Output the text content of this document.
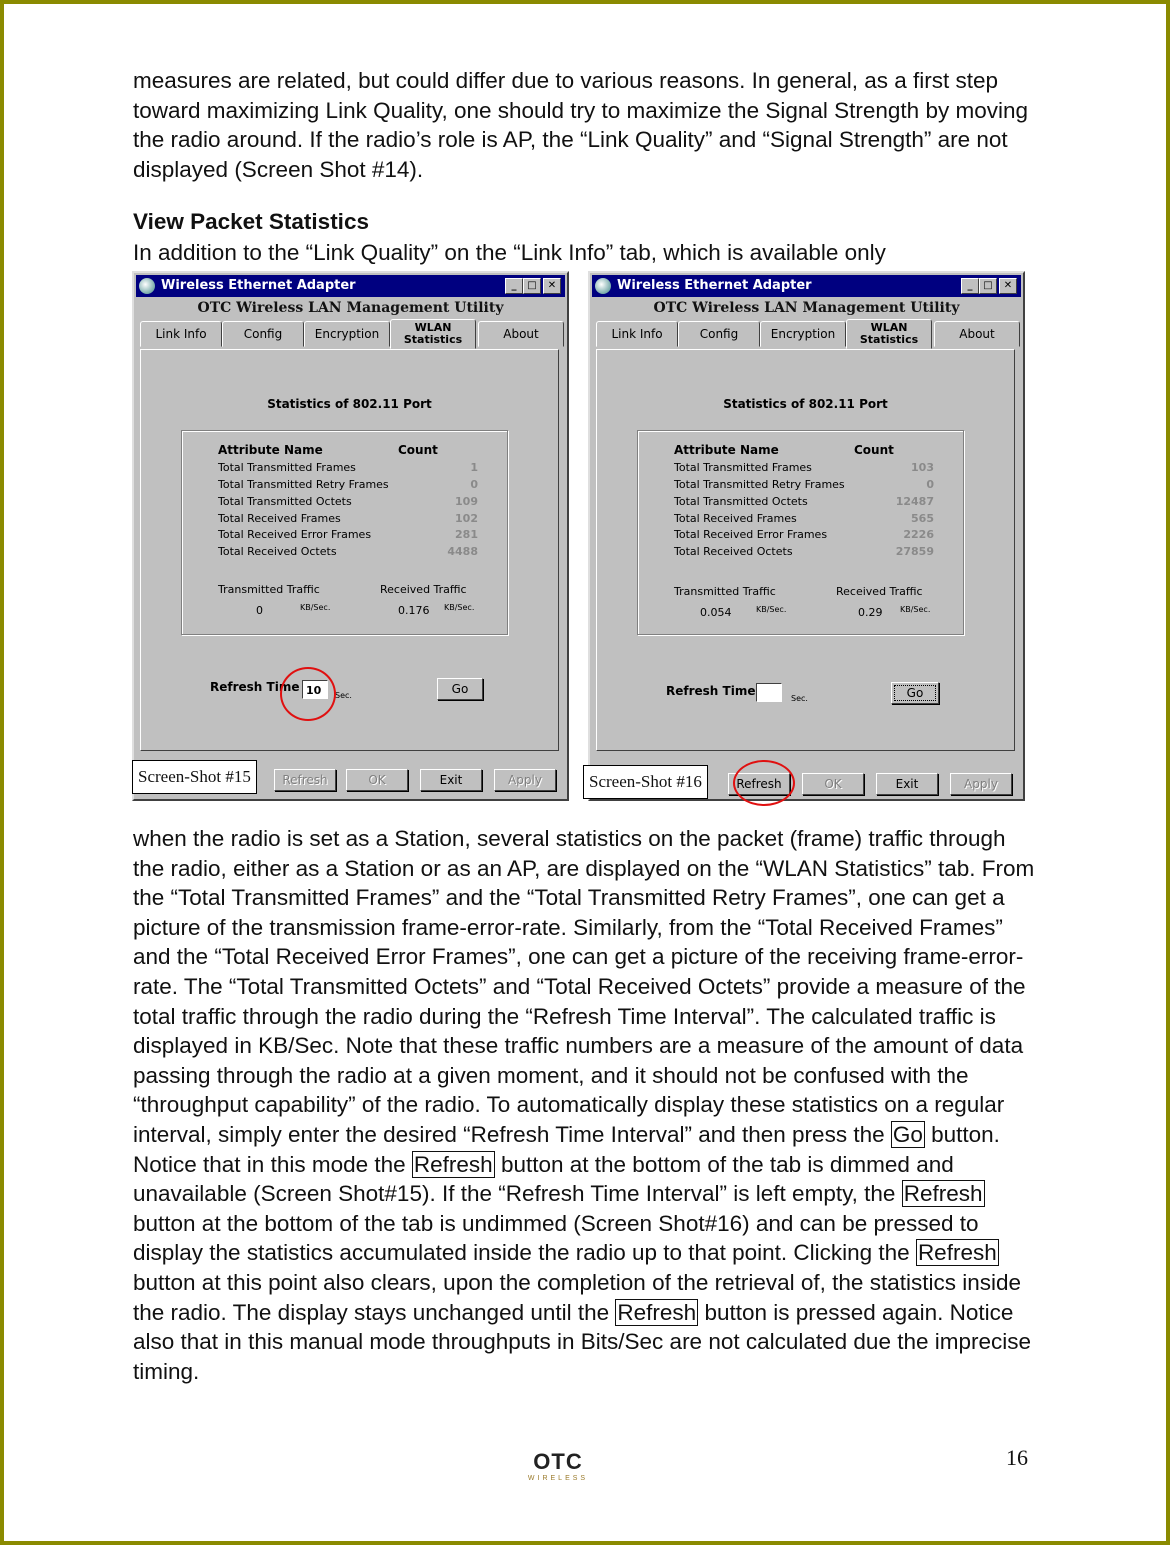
measures are related, but could differ due to various reasons. In general, as a first step toward maximizing Link Quality, one should try to maximize the Signal Strength by moving the radio around. If the radio’s role is AP, the “Link Quality” and “Signal Strength” are not displayed (Screen Shot #14).
View Packet Statistics
In addition to the “Link Quality” on the “Link Info” tab, which is available only
Wireless Ethernet Adapter	_	□	✕
OTC Wireless LAN Management Utility
Link Info	Config	Encryption	WLAN Statistics	About
Statistics of 802.11 Port
Attribute Name	Count
Total Transmitted Frames	1
Total Transmitted Retry Frames	0
Total Transmitted Octets	109
Total Received Frames	102
Total Received Error Frames	281
Total Received Octets	4488
Transmitted Traffic	Received Traffic
0	KB/Sec.	0.176 KB/Sec.
Refresh Time 10	Sec.	Go
Refresh	OK	Exit	Apply
Screen-Shot #15
Wireless Ethernet Adapter	_	□	✕
OTC Wireless LAN Management Utility
Link Info	Config	Encryption	WLAN Statistics	About
Statistics of 802.11 Port
Attribute Name	Count
Total Transmitted Frames	103
Total Transmitted Retry Frames	0
Total Transmitted Octets	12487
Total Received Frames	565
Total Received Error Frames	2226
Total Received Octets	27859
Transmitted Traffic	Received Traffic
0.054	KB/Sec.	0.29 KB/Sec.
Refresh Time
Sec.	Go
Refresh	OK	Exit	Apply
Screen-Shot #16
when the radio is set as a Station, several statistics on the packet (frame) traffic through the radio, either as a Station or as an AP, are displayed on the “WLAN Statistics” tab. From the “Total Transmitted Frames” and the “Total Transmitted Retry Frames”, one can get a picture of the transmission frame-error-rate. Similarly, from the “Total Received Frames” and the “Total Received Error Frames”, one can get a picture of the receiving frame-error-rate. The “Total Transmitted Octets” and “Total Received Octets” provide a measure of the total traffic through the radio during the “Refresh Time Interval”. The calculated traffic is displayed in KB/Sec. Note that these traffic numbers are a measure of the amount of data passing through the radio at a given moment, and it should not be confused with the “throughput capability” of the radio. To automatically display these statistics on a regular interval, simply enter the desired “Refresh Time Interval” and then press the Go button. Notice that in this mode the Refresh button at the bottom of the tab is dimmed and unavailable (Screen Shot#15). If the “Refresh Time Interval” is left empty, the Refresh button at the bottom of the tab is undimmed (Screen Shot#16) and can be pressed to display the statistics accumulated inside the radio up to that point. Clicking the Refresh button at this point also clears, upon the completion of the retrieval of, the statistics inside the radio. The display stays unchanged until the Refresh button is pressed again. Notice also that in this manual mode throughputs in Bits/Sec are not calculated due the imprecise timing.
16
OTC
WIRELESS
